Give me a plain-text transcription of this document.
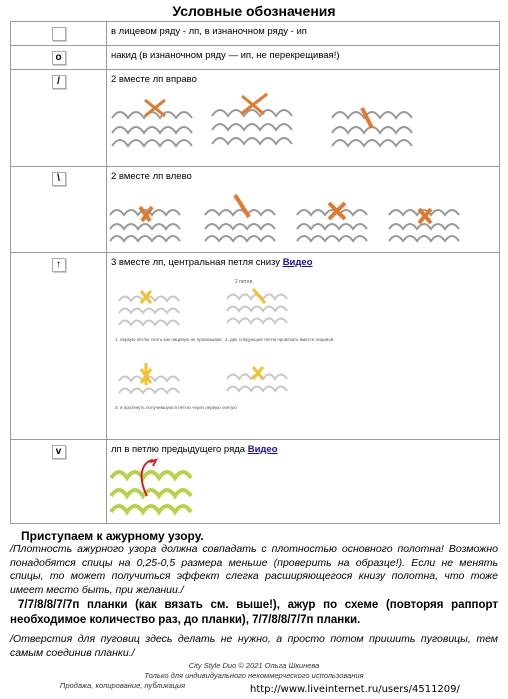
Условные обозначения
в лицевом ряду - лп, в изнаночном ряду - ип
o	накид (в изнаночном ряду — ип, не перекрещивая!)
/	2 вместе лп вправо
\	2 вместе лп влево
↑	3 вместе лп, центральная петля снизу Видео
1. первую петлю снять как лицевую не провязывая 2. две следующие петли провязать вместе лицевой
3. и протянуть получившуюся петлю через первую снятую
2 петли
v	лп в петлю предыдущего ряда Видео
Приступаем к ажурному узору.
/Плотность ажурного узора должна совпадать с плотностью основного полотна! Возможно понадобятся спицы на 0,25-0,5 размера меньше (проверить на образце!). Если не менять спицы, то может получиться эффект слегка расширяющегося книзу полотна, что тоже имеет место быть, при желании./
7/7/8/8/7/7п планки (как вязать см. выше!), ажур по схеме (повторяя раппорт необходимое количество раз, до планки), 7/7/8/8/7/7п планки.
/Отверстия для пуговиц здесь делать не нужно, а просто потом пришить пуговицы, тем самым соединив планки./
City Style Duo © 2021 Ольга Шкинева
Только для индивидуального некоммерческого использования
Продажа, копирование, публикация	http://www.liveinternet.ru/users/4511209/
